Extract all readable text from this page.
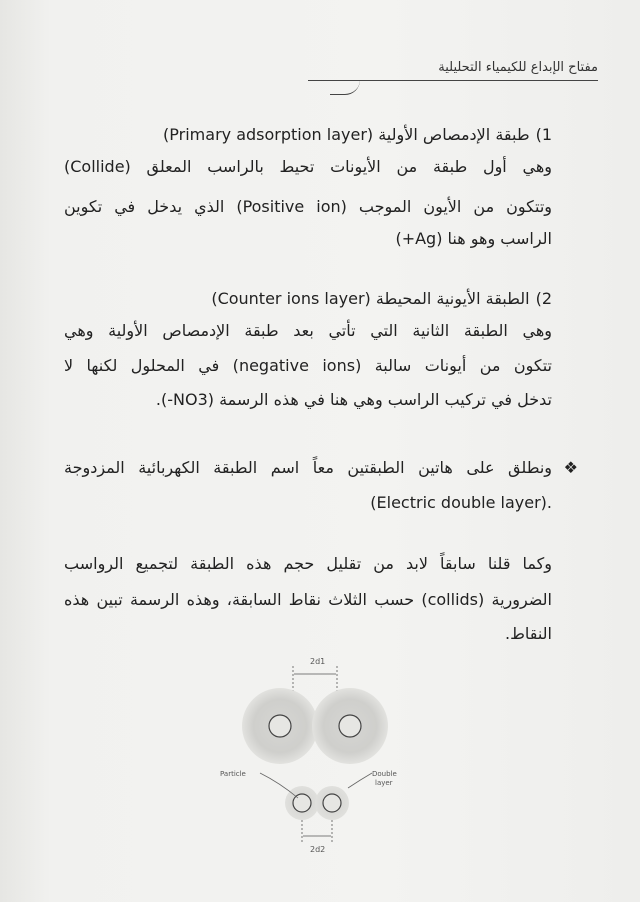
مفتاح الإبداع للكيمياء التحليلية
1)طبقة الإدمصاص الأولية (Primary adsorption layer)
وهي أول طبقة من الأيونات تحيط بالراسب المعلق (Collide)
وتتكون من الأيون الموجب (Positive ion) الذي يدخل في تكوين
الراسب وهو هنا (Ag+)
2)الطبقة الأيونية المحيطة (Counter ions layer)
وهي الطبقة الثانية التي تأتي بعد طبقة الإدمصاص الأولية وهي
تتكون من أيونات سالبة (negative ions) في المحلول لكنها لا
تدخل في تركيب الراسب وهي هنا في هذه الرسمة (NO3-).
❖
ونطلق على هاتين الطبقتين معاً اسم الطبقة الكهربائية المزدوجة
.(Electric double layer)
وكما قلنا سابقاً لابد من تقليل حجم هذه الطبقة لتجميع الرواسب
الضرورية (collids) حسب الثلاث نقاط السابقة، وهذه الرسمة تبين هذه
النقاط.
2d1
Particle	Double
layer
2d2
